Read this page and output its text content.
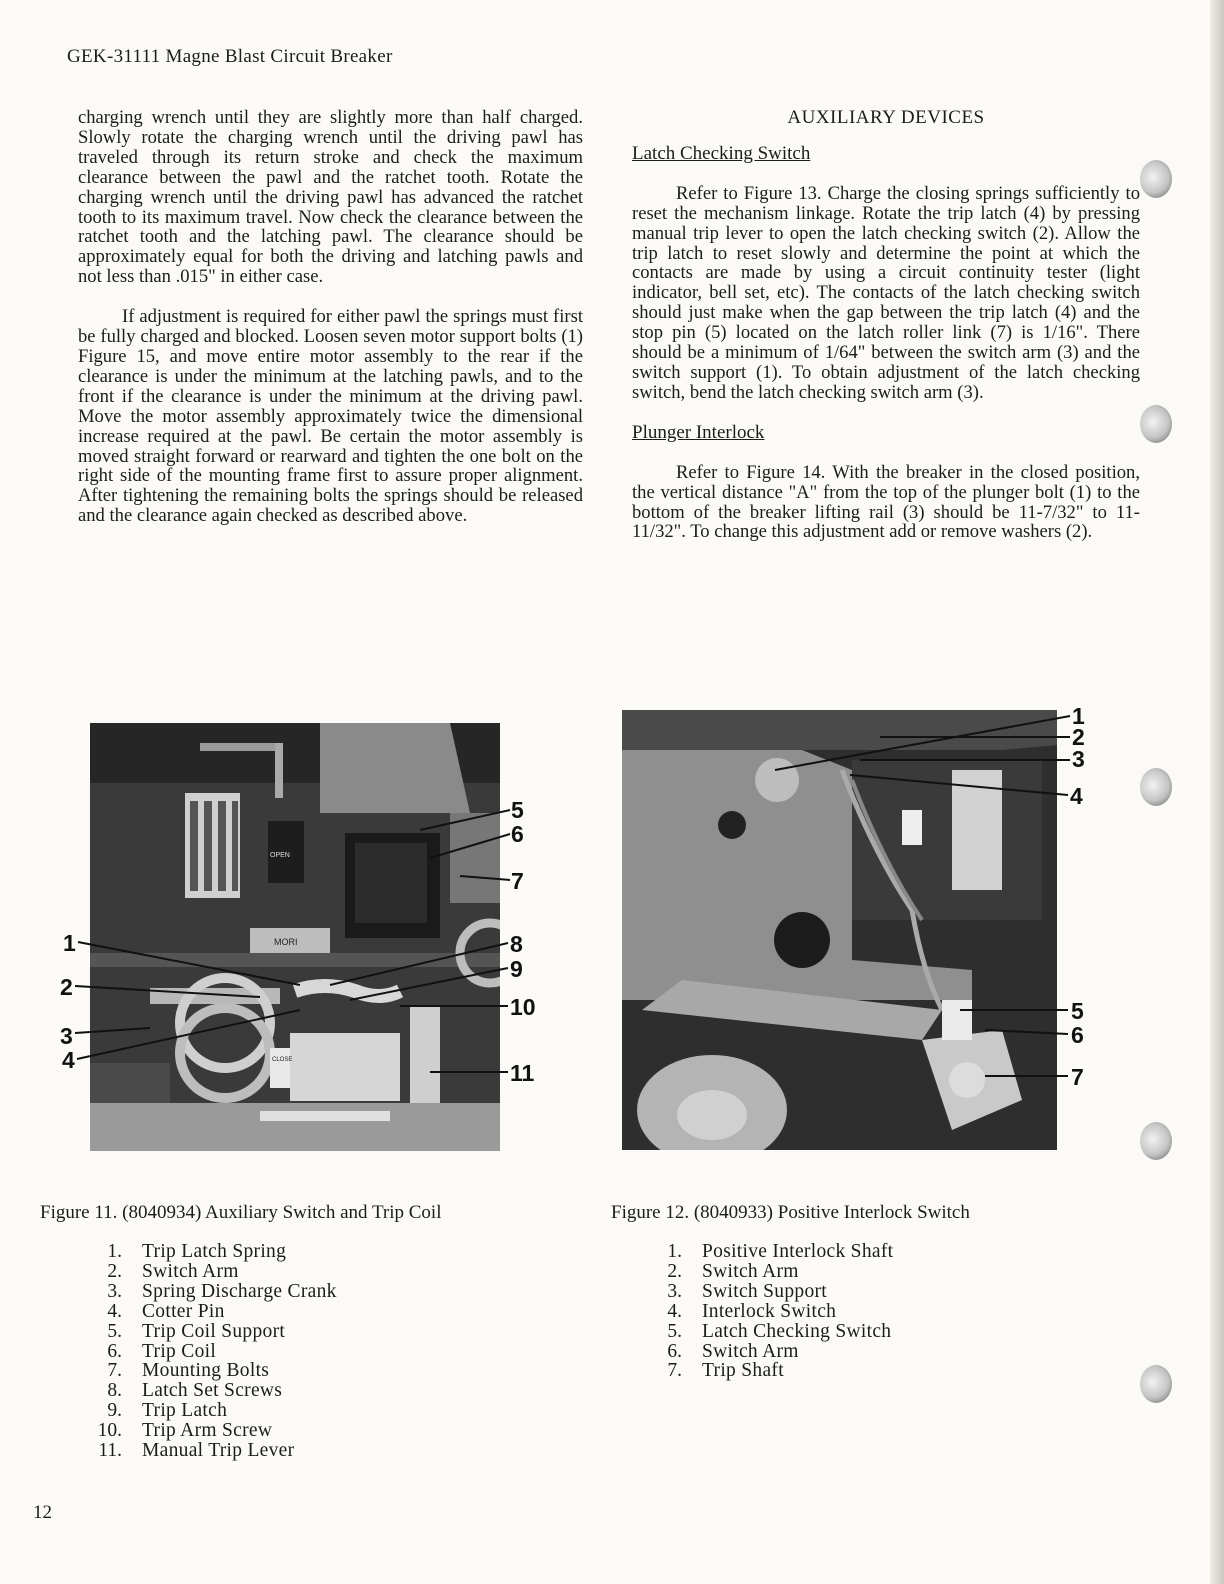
GEK-31111 Magne Blast Circuit Breaker

charging wrench until they are slightly more than half charged. Slowly rotate the charging wrench until the driving pawl has traveled through its return stroke and check the maximum clearance between the pawl and the ratchet tooth. Rotate the charging wrench until the driving pawl has advanced the ratchet tooth to its maximum travel. Now check the clearance between the ratchet tooth and the latching pawl. The clearance should be approximately equal for both the driving and latching pawls and not less than .015" in either case.

If adjustment is required for either pawl the springs must first be fully charged and blocked. Loosen seven motor support bolts (1) Figure 15, and move entire motor assembly to the rear if the clearance is under the minimum at the latching pawls, and to the front if the clearance is under the minimum at the driving pawl. Move the motor assembly approximately twice the dimensional increase required at the pawl. Be certain the motor assembly is moved straight forward or rearward and tighten the one bolt on the right side of the mounting frame first to assure proper alignment. After tightening the remaining bolts the springs should be released and the clearance again checked as described above.

AUXILIARY DEVICES
Latch Checking Switch

Refer to Figure 13. Charge the closing springs sufficiently to reset the mechanism linkage. Rotate the trip latch (4) by pressing manual trip lever to open the latch checking switch (2). Allow the trip latch to reset slowly and determine the point at which the contacts are made by using a circuit continuity tester (light indicator, bell set, etc). The contacts of the latch checking switch should just make when the gap between the trip latch (4) and the stop pin (5) located on the latch roller link (7) is 1/16". There should be a minimum of 1/64" between the switch arm (3) and the switch support (1). To obtain adjustment of the latch checking switch, bend the latch checking switch arm (3).

Plunger Interlock

Refer to Figure 14. With the breaker in the closed position, the vertical distance "A" from the top of the plunger bolt (1) to the bottom of the breaker lifting rail (3) should be 11-7/32" to 11-11/32". To change this adjustment add or remove washers (2).

OPEN
MORI
CLOSE
1
2
3
4
5
6
7
8
9
10
11
1
2
3
4
5
6
7
Figure 11. (8040934) Auxiliary Switch and Trip Coil	Figure 12. (8040933) Positive Interlock Switch
1.	Trip Latch Spring
2.	Switch Arm
3.	Spring Discharge Crank
4.	Cotter Pin
5.	Trip Coil Support
6.	Trip Coil
7.	Mounting Bolts
8.	Latch Set Screws
9.	Trip Latch
10.	Trip Arm Screw
11.	Manual Trip Lever
1.	Positive Interlock Shaft
2.	Switch Arm
3.	Switch Support
4.	Interlock Switch
5.	Latch Checking Switch
6.	Switch Arm
7.	Trip Shaft
12
